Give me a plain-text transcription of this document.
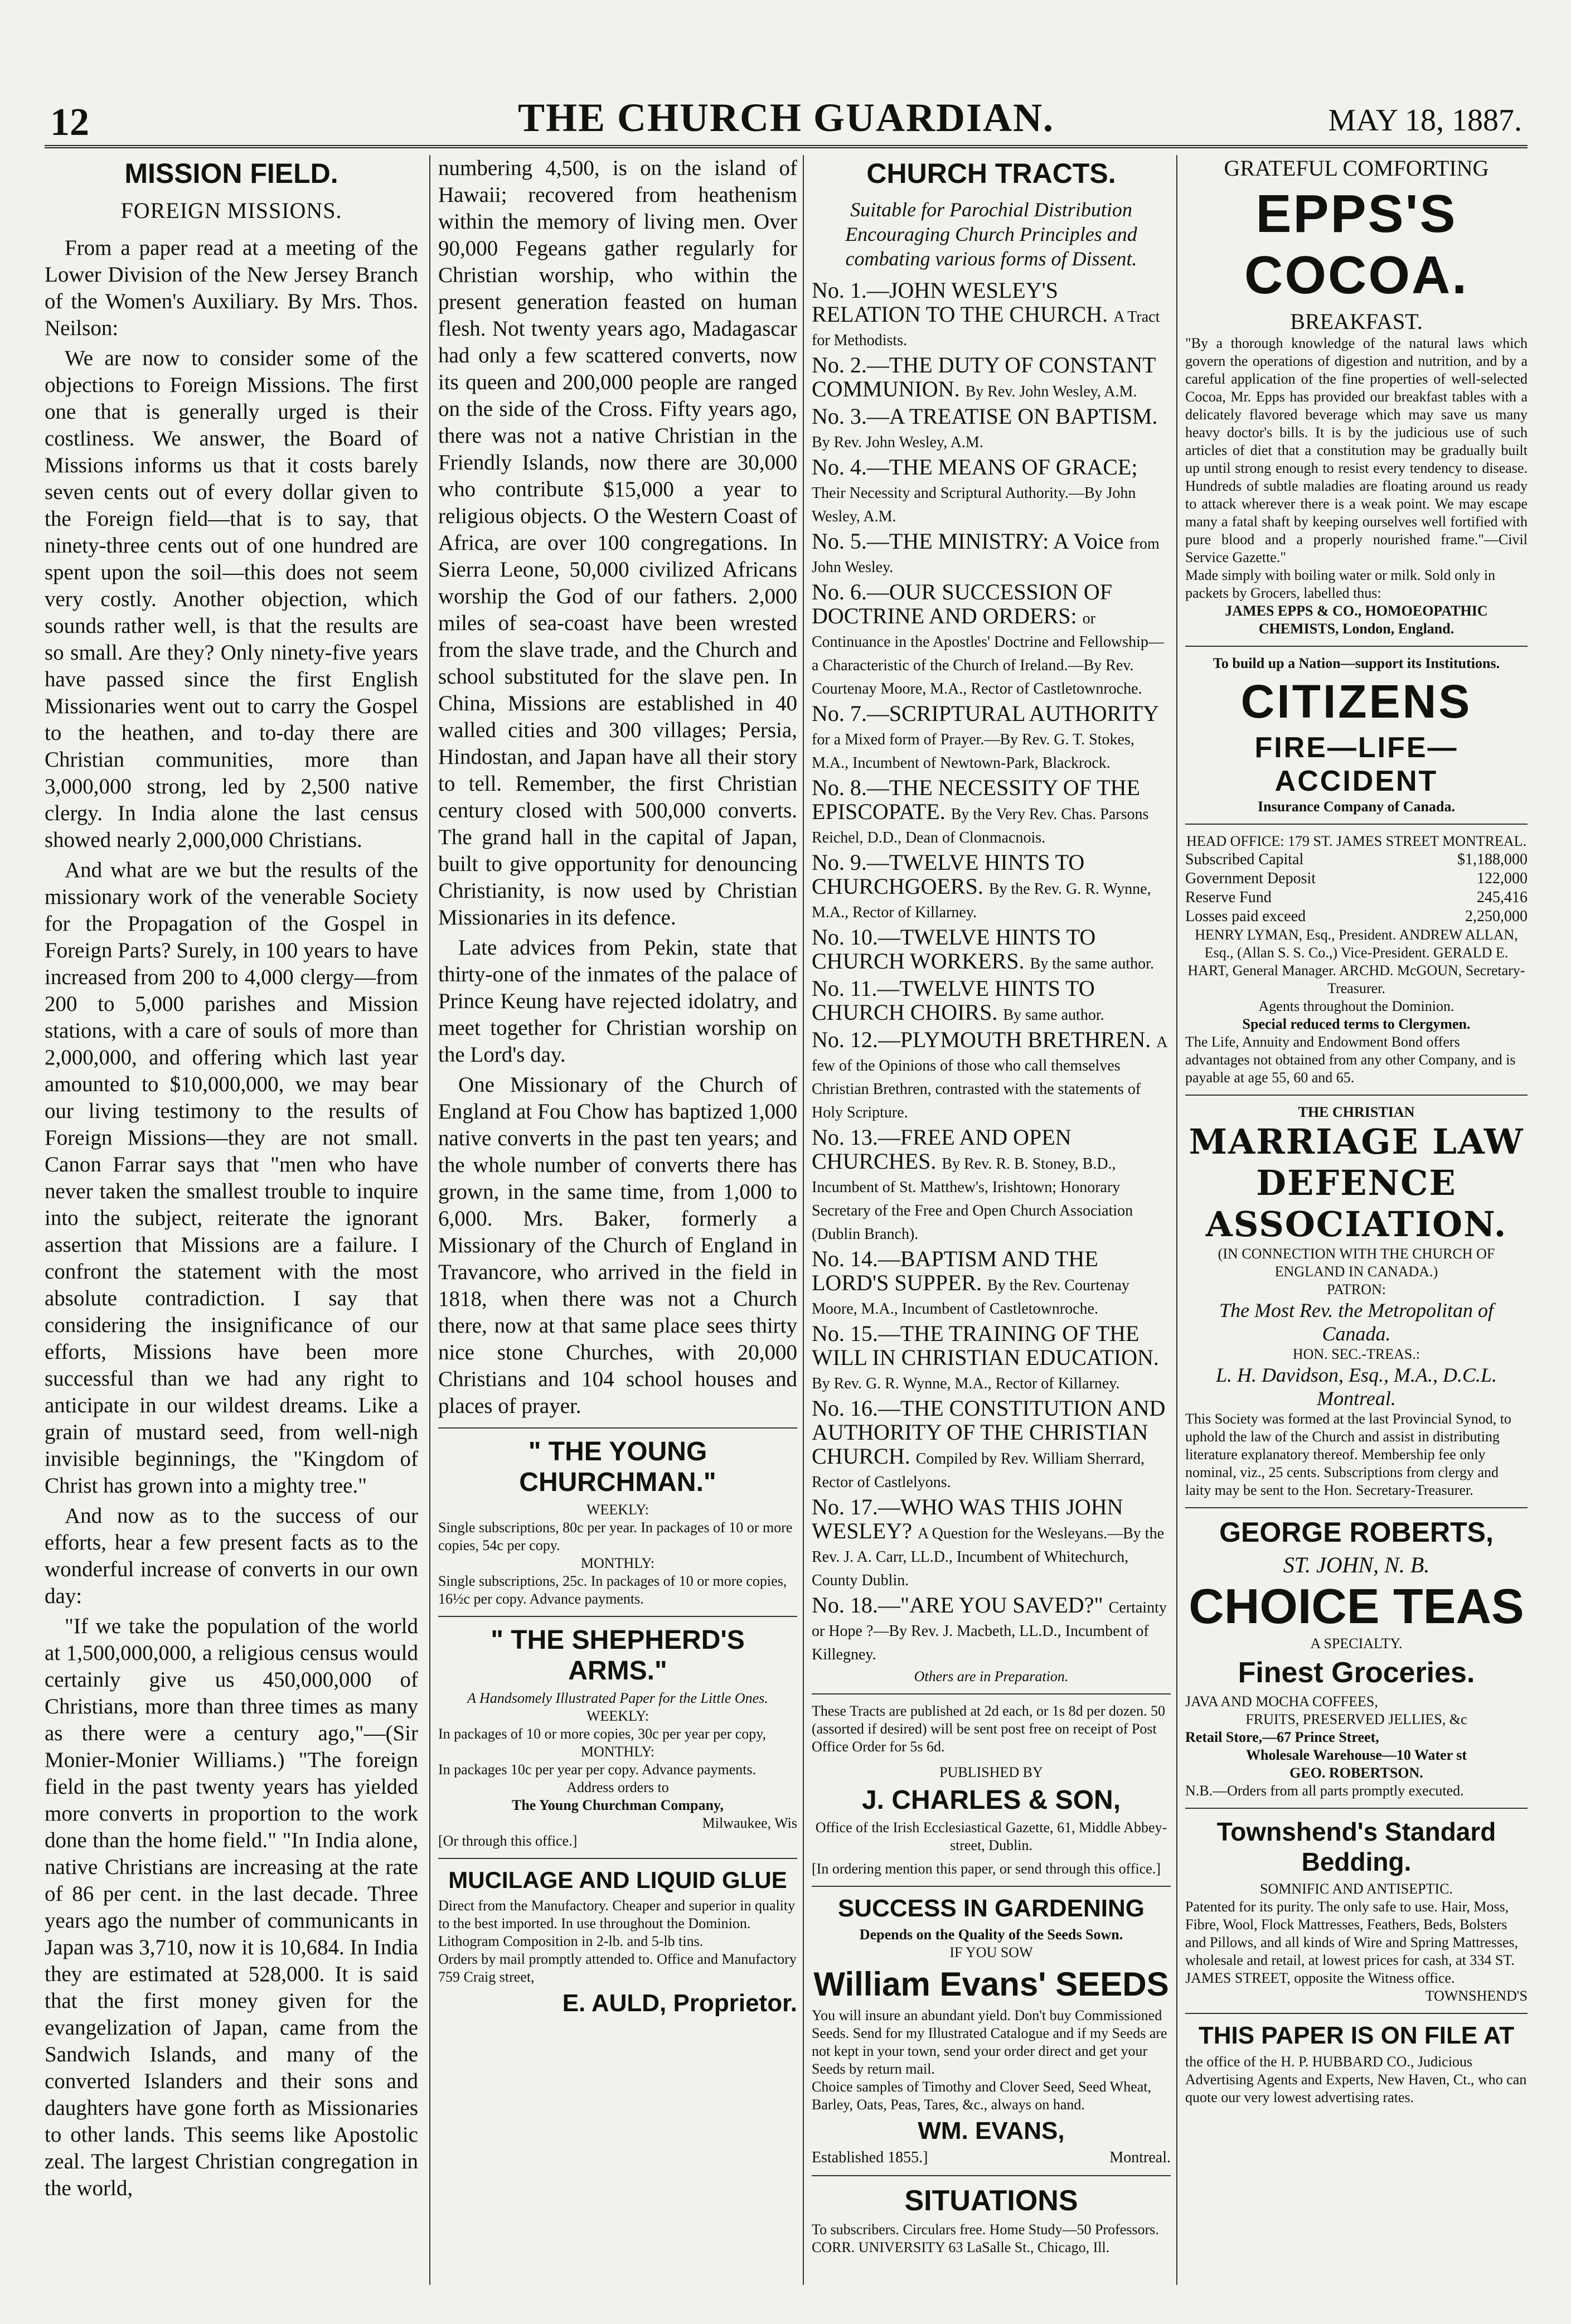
12	THE CHURCH GUARDIAN.	MAY 18, 1887.
MISSION FIELD.
FOREIGN MISSIONS.

From a paper read at a meeting of the Lower Division of the New Jersey Branch of the Women's Auxiliary. By Mrs. Thos. Neilson:

We are now to consider some of the objections to Foreign Missions. The first one that is generally urged is their costliness. We answer, the Board of Missions informs us that it costs barely seven cents out of every dollar given to the Foreign field—that is to say, that ninety-three cents out of one hundred are spent upon the soil—this does not seem very costly. Another objection, which sounds rather well, is that the results are so small. Are they? Only ninety-five years have passed since the first English Missionaries went out to carry the Gospel to the heathen, and to-day there are Christian communities, more than 3,000,000 strong, led by 2,500 native clergy. In India alone the last census showed nearly 2,000,000 Christians.

And what are we but the results of the missionary work of the venerable Society for the Propagation of the Gospel in Foreign Parts? Surely, in 100 years to have increased from 200 to 4,000 clergy—from 200 to 5,000 parishes and Mission stations, with a care of souls of more than 2,000,000, and offering which last year amounted to $10,000,000, we may bear our living testimony to the results of Foreign Missions—they are not small. Canon Farrar says that "men who have never taken the smallest trouble to inquire into the subject, reiterate the ignorant assertion that Missions are a failure. I confront the statement with the most absolute contradiction. I say that considering the insignificance of our efforts, Missions have been more successful than we had any right to anticipate in our wildest dreams. Like a grain of mustard seed, from well-nigh invisible beginnings, the "Kingdom of Christ has grown into a mighty tree."

And now as to the success of our efforts, hear a few present facts as to the wonderful increase of converts in our own day:

"If we take the population of the world at 1,500,000,000, a religious census would certainly give us 450,000,000 of Christians, more than three times as many as there were a century ago,"—(Sir Monier-Monier Williams.) "The foreign field in the past twenty years has yielded more converts in proportion to the work done than the home field." "In India alone, native Christians are increasing at the rate of 86 per cent. in the last decade. Three years ago the number of communicants in Japan was 3,710, now it is 10,684. In India they are estimated at 528,000. It is said that the first money given for the evangelization of Japan, came from the Sandwich Islands, and many of the converted Islanders and their sons and daughters have gone forth as Missionaries to other lands. This seems like Apostolic zeal. The largest Christian congregation in the world,

numbering 4,500, is on the island of Hawaii; recovered from heathenism within the memory of living men. Over 90,000 Fegeans gather regularly for Christian worship, who within the present generation feasted on human flesh. Not twenty years ago, Madagascar had only a few scattered converts, now its queen and 200,000 people are ranged on the side of the Cross. Fifty years ago, there was not a native Christian in the Friendly Islands, now there are 30,000 who contribute $15,000 a year to religious objects. O the Western Coast of Africa, are over 100 congregations. In Sierra Leone, 50,000 civilized Africans worship the God of our fathers. 2,000 miles of sea-coast have been wrested from the slave trade, and the Church and school substituted for the slave pen. In China, Missions are established in 40 walled cities and 300 villages; Persia, Hindostan, and Japan have all their story to tell. Remember, the first Christian century closed with 500,000 converts. The grand hall in the capital of Japan, built to give opportunity for denouncing Christianity, is now used by Christian Missionaries in its defence.

Late advices from Pekin, state that thirty-one of the inmates of the palace of Prince Keung have rejected idolatry, and meet together for Christian worship on the Lord's day.

One Missionary of the Church of England at Fou Chow has baptized 1,000 native converts in the past ten years; and the whole number of converts there has grown, in the same time, from 1,000 to 6,000. Mrs. Baker, formerly a Missionary of the Church of England in Travancore, who arrived in the field in 1818, when there was not a Church there, now at that same place sees thirty nice stone Churches, with 20,000 Christians and 104 school houses and places of prayer.

" THE YOUNG CHURCHMAN."
WEEKLY:
Single subscriptions, 80c per year. In packages of 10 or more copies, 54c per copy.
MONTHLY:
Single subscriptions, 25c. In packages of 10 or more copies, 16½c per copy. Advance payments.
" THE SHEPHERD'S ARMS."
A Handsomely Illustrated Paper for the Little Ones.
WEEKLY:
In packages of 10 or more copies, 30c per year per copy,
MONTHLY:
In packages 10c per year per copy. Advance payments.
Address orders to
The Young Churchman Company,
Milwaukee, Wis
[Or through this office.]
MUCILAGE AND LIQUID GLUE
Direct from the Manufactory. Cheaper and superior in quality to the best imported. In use throughout the Dominion.
Lithogram Composition in 2-lb. and 5-lb tins.
Orders by mail promptly attended to. Office and Manufactory 759 Craig street,
E. AULD, Proprietor.
CHURCH TRACTS.
Suitable for Parochial Distribution Encouraging Church Principles and combating various forms of Dissent.
No. 1.—JOHN WESLEY'S RELATION TO THE CHURCH. A Tract for Methodists.
No. 2.—THE DUTY OF CONSTANT COMMUNION. By Rev. John Wesley, A.M.
No. 3.—A TREATISE ON BAPTISM. By Rev. John Wesley, A.M.
No. 4.—THE MEANS OF GRACE; Their Necessity and Scriptural Authority.—By John Wesley, A.M.
No. 5.—THE MINISTRY: A Voice from John Wesley.
No. 6.—OUR SUCCESSION OF DOCTRINE AND ORDERS: or Continuance in the Apostles' Doctrine and Fellowship—a Characteristic of the Church of Ireland.—By Rev. Courtenay Moore, M.A., Rector of Castletownroche.
No. 7.—SCRIPTURAL AUTHORITY for a Mixed form of Prayer.—By Rev. G. T. Stokes, M.A., Incumbent of Newtown-Park, Blackrock.
No. 8.—THE NECESSITY OF THE EPISCOPATE. By the Very Rev. Chas. Parsons Reichel, D.D., Dean of Clonmacnois.
No. 9.—TWELVE HINTS TO CHURCHGOERS. By the Rev. G. R. Wynne, M.A., Rector of Killarney.
No. 10.—TWELVE HINTS TO CHURCH WORKERS. By the same author.
No. 11.—TWELVE HINTS TO CHURCH CHOIRS. By same author.
No. 12.—PLYMOUTH BRETHREN. A few of the Opinions of those who call themselves Christian Brethren, contrasted with the statements of Holy Scripture.
No. 13.—FREE AND OPEN CHURCHES. By Rev. R. B. Stoney, B.D., Incumbent of St. Matthew's, Irishtown; Honorary Secretary of the Free and Open Church Association (Dublin Branch).
No. 14.—BAPTISM AND THE LORD'S SUPPER. By the Rev. Courtenay Moore, M.A., Incumbent of Castletownroche.
No. 15.—THE TRAINING OF THE WILL IN CHRISTIAN EDUCATION. By Rev. G. R. Wynne, M.A., Rector of Killarney.
No. 16.—THE CONSTITUTION AND AUTHORITY OF THE CHRISTIAN CHURCH. Compiled by Rev. William Sherrard, Rector of Castlelyons.
No. 17.—WHO WAS THIS JOHN WESLEY? A Question for the Wesleyans.—By the Rev. J. A. Carr, LL.D., Incumbent of Whitechurch, County Dublin.
No. 18.—"ARE YOU SAVED?" Certainty or Hope ?—By Rev. J. Macbeth, LL.D., Incumbent of Killegney.
Others are in Preparation.
These Tracts are published at 2d each, or 1s 8d per dozen. 50 (assorted if desired) will be sent post free on receipt of Post Office Order for 5s 6d.
PUBLISHED BY
J. CHARLES & SON,
Office of the Irish Ecclesiastical Gazette, 61, Middle Abbey-street, Dublin.
[In ordering mention this paper, or send through this office.]
SUCCESS IN GARDENING
Depends on the Quality of the Seeds Sown.
IF YOU SOW
William Evans' SEEDS
You will insure an abundant yield. Don't buy Commissioned Seeds. Send for my Illustrated Catalogue and if my Seeds are not kept in your town, send your order direct and get your Seeds by return mail.
Choice samples of Timothy and Clover Seed, Seed Wheat, Barley, Oats, Peas, Tares, &c., always on hand.
WM. EVANS,
Established 1855.]	Montreal.
SITUATIONS
To subscribers. Circulars free. Home Study—50 Professors. CORR. UNIVERSITY 63 LaSalle St., Chicago, Ill.
GRATEFUL COMFORTING
EPPS'S COCOA.
BREAKFAST.
"By a thorough knowledge of the natural laws which govern the operations of digestion and nutrition, and by a careful application of the fine properties of well-selected Cocoa, Mr. Epps has provided our breakfast tables with a delicately flavored beverage which may save us many heavy doctor's bills. It is by the judicious use of such articles of diet that a constitution may be gradually built up until strong enough to resist every tendency to disease. Hundreds of subtle maladies are floating around us ready to attack wherever there is a weak point. We may escape many a fatal shaft by keeping ourselves well fortified with pure blood and a properly nourished frame."—Civil Service Gazette."
Made simply with boiling water or milk. Sold only in packets by Grocers, labelled thus:
JAMES EPPS & CO., HOMOEOPATHIC CHEMISTS, London, England.
To build up a Nation—support its Institutions.
CITIZENS
FIRE—LIFE—ACCIDENT
Insurance Company of Canada.
HEAD OFFICE: 179 ST. JAMES STREET MONTREAL.
Subscribed Capital	$1,188,000
Government Deposit	122,000
Reserve Fund	245,416
Losses paid exceed	2,250,000
HENRY LYMAN, Esq., President. ANDREW ALLAN, Esq., (Allan S. S. Co.,) Vice-President. GERALD E. HART, General Manager. ARCHD. McGOUN, Secretary-Treasurer.
Agents throughout the Dominion.
Special reduced terms to Clergymen.
The Life, Annuity and Endowment Bond offers advantages not obtained from any other Company, and is payable at age 55, 60 and 65.
THE CHRISTIAN
MARRIAGE LAW DEFENCE ASSOCIATION.
(IN CONNECTION WITH THE CHURCH OF ENGLAND IN CANADA.)
PATRON:
The Most Rev. the Metropolitan of Canada.
HON. SEC.-TREAS.:
L. H. Davidson, Esq., M.A., D.C.L. Montreal.
This Society was formed at the last Provincial Synod, to uphold the law of the Church and assist in distributing literature explanatory thereof. Membership fee only nominal, viz., 25 cents. Subscriptions from clergy and laity may be sent to the Hon. Secretary-Treasurer.
GEORGE ROBERTS,
ST. JOHN, N. B.
CHOICE TEAS
A SPECIALTY.
Finest Groceries.
JAVA AND MOCHA COFFEES,
FRUITS, PRESERVED JELLIES, &c
Retail Store,—67 Prince Street,
Wholesale Warehouse—10 Water st
GEO. ROBERTSON.
N.B.—Orders from all parts promptly executed.
Townshend's Standard Bedding.
SOMNIFIC AND ANTISEPTIC.
Patented for its purity. The only safe to use. Hair, Moss, Fibre, Wool, Flock Mattresses, Feathers, Beds, Bolsters and Pillows, and all kinds of Wire and Spring Mattresses, wholesale and retail, at lowest prices for cash, at 334 ST. JAMES STREET, opposite the Witness office.
TOWNSHEND'S
THIS PAPER IS ON FILE AT
the office of the H. P. HUBBARD CO., Judicious Advertising Agents and Experts, New Haven, Ct., who can quote our very lowest advertising rates.
